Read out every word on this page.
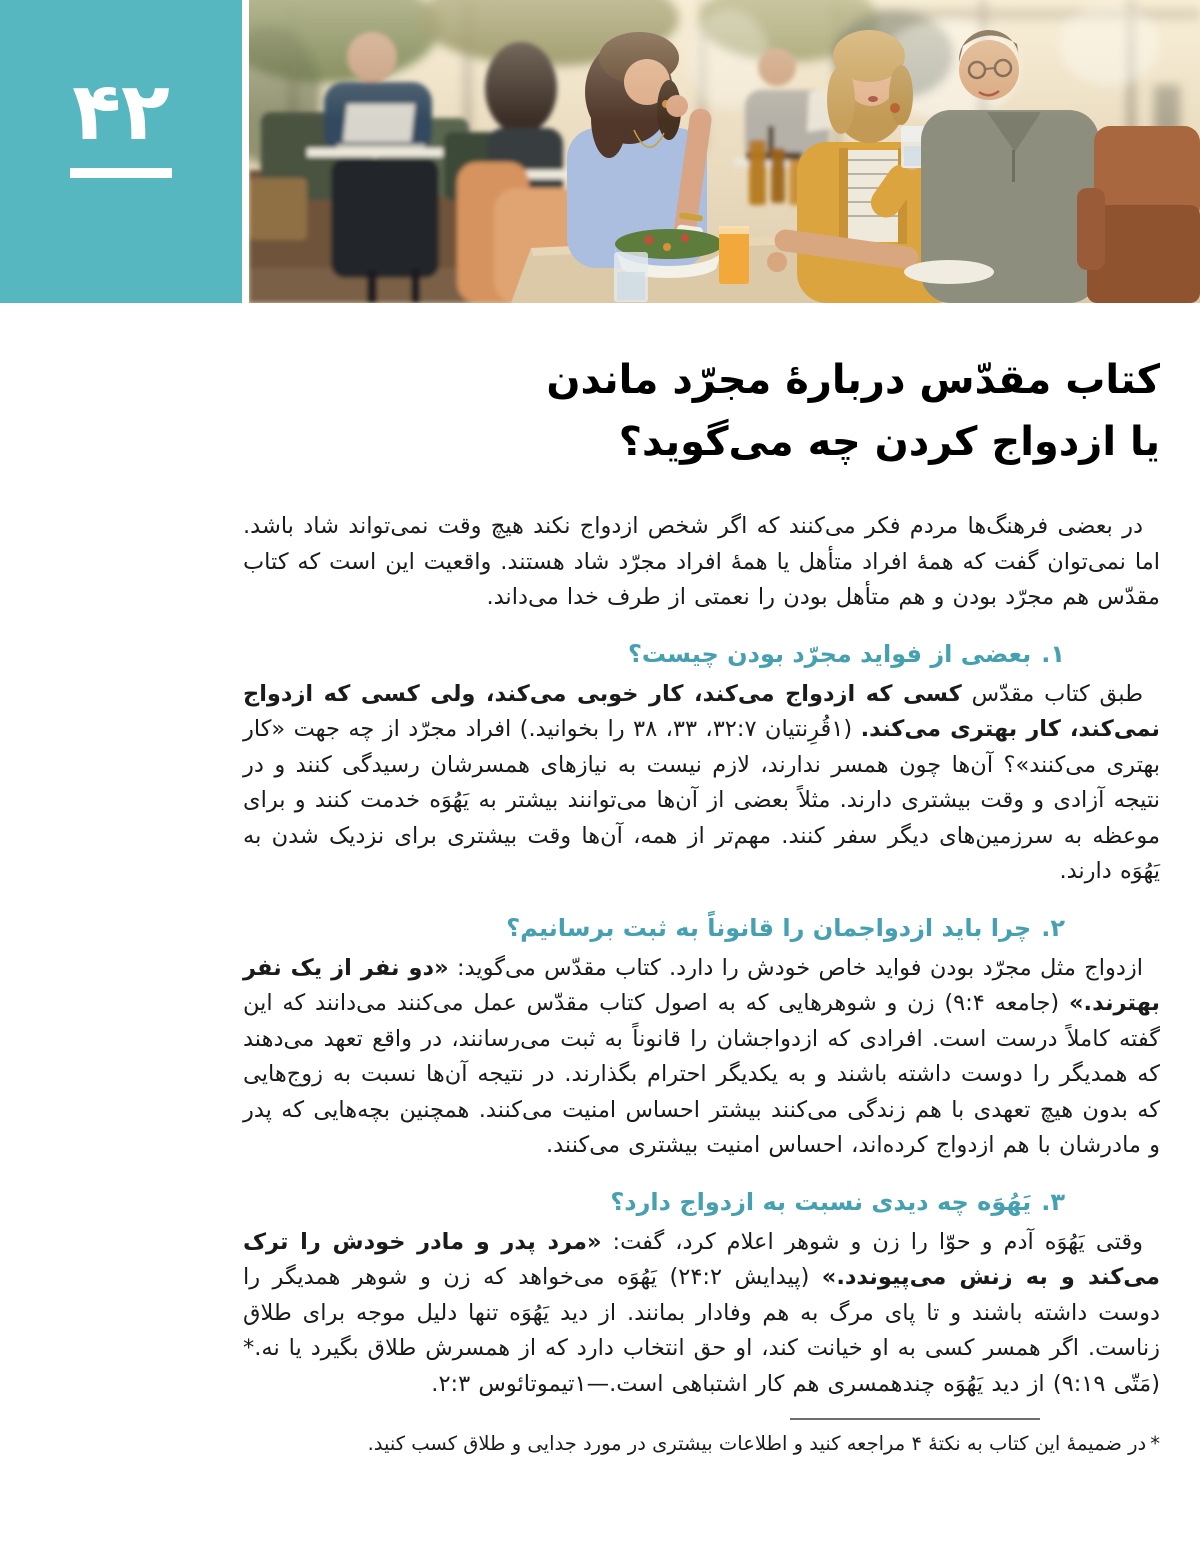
۴۲
کتاب مقدّس دربارهٔ مجرّد ماندن
یا ازدواج کردن چه می‌گوید؟

در بعضی فرهنگ‌ها مردم فکر می‌کنند که اگر شخص ازدواج نکند هیچ وقت نمی‌تواند شاد باشد. اما نمی‌توان گفت که همهٔ افراد متأهل یا همهٔ افراد مجرّد شاد هستند. واقعیت این است که کتاب مقدّس هم مجرّد بودن و هم متأهل بودن را نعمتی از طرف خدا می‌داند.

۱.بعضی از فواید مجرّد بودن چیست؟

طبق کتاب مقدّس کسی که ازدواج می‌کند، کار خوبی می‌کند، ولی کسی که ازدواج نمی‌کند، کار بهتری می‌کند. (۱قُرِنتیان ۳۲:۷، ۳۳، ۳۸ را بخوانید.) افراد مجرّد از چه جهت «کار بهتری می‌کنند»؟ آن‌ها چون همسر ندارند، لازم نیست به نیازهای همسرشان رسیدگی کنند و در نتیجه آزادی و وقت بیشتری دارند. مثلاً بعضی از آن‌ها می‌توانند بیشتر به یَهُوَه خدمت کنند و برای موعظه به سرزمین‌های دیگر سفر کنند. مهم‌تر از همه، آن‌ها وقت بیشتری برای نزدیک شدن به یَهُوَه دارند.

۲.چرا باید ازدواجمان را قانوناً به ثبت برسانیم؟

ازدواج مثل مجرّد بودن فواید خاص خودش را دارد. کتاب مقدّس می‌گوید: «دو نفر از یک نفر بهترند.» (جامعه ۹:۴) زن و شوهرهایی که به اصول کتاب مقدّس عمل می‌کنند می‌دانند که این گفته کاملاً درست است. افرادی که ازدواجشان را قانوناً به ثبت می‌رسانند، در واقع تعهد می‌دهند که همدیگر را دوست داشته باشند و به یکدیگر احترام بگذارند. در نتیجه آن‌ها نسبت به زوج‌هایی که بدون هیچ تعهدی با هم زندگی می‌کنند بیشتر احساس امنیت می‌کنند. همچنین بچه‌هایی که پدر و مادرشان با هم ازدواج کرده‌اند، احساس امنیت بیشتری می‌کنند.

۳.یَهُوَه چه دیدی نسبت به ازدواج دارد؟

وقتی یَهُوَه آدم و حوّا را زن و شوهر اعلام کرد، گفت: «مرد پدر و مادر خودش را ترک می‌کند و به زنش می‌پیوندد.» (پیدایش ۲۴:۲) یَهُوَه می‌خواهد که زن و شوهر همدیگر را دوست داشته باشند و تا پای مرگ به هم وفادار بمانند. از دید یَهُوَه تنها دلیل موجه برای طلاق زناست. اگر همسر کسی به او خیانت کند، او حق انتخاب دارد که از همسرش طلاق بگیرد یا نه.* (مَتّی ۹:۱۹) از دید یَهُوَه چندهمسری هم کار اشتباهی است.—۱تیموتائوس ۲:۳.

*در ضمیمهٔ این کتاب به نکتهٔ ۴ مراجعه کنید و اطلاعات بیشتری در مورد جدایی و طلاق کسب کنید.
